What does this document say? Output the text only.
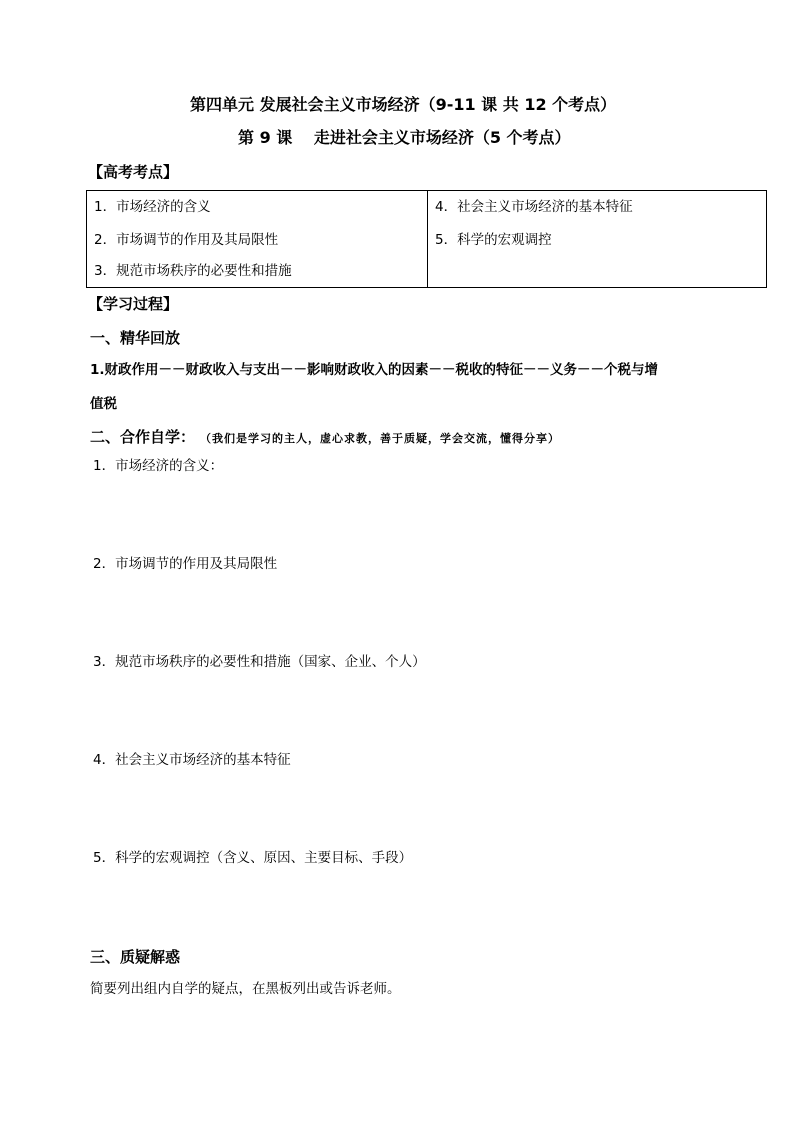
第四单元 发展社会主义市场经济（9-11 课 共 12 个考点）
第 9 课　 走进社会主义市场经济（5 个考点）
【高考考点】
1．市场经济的含义
2．市场调节的作用及其局限性
3．规范市场秩序的必要性和措施
4．社会主义市场经济的基本特征
5．科学的宏观调控
【学习过程】
一、精华回放
1.财政作用－－财政收入与支出－－影响财政收入的因素－－税收的特征－－义务－－个税与增
值税
二、合作自学： （我们是学习的主人，虚心求教，善于质疑，学会交流，懂得分享）
1．市场经济的含义：
2．市场调节的作用及其局限性
3．规范市场秩序的必要性和措施（国家、企业、个人）
4．社会主义市场经济的基本特征
5．科学的宏观调控（含义、原因、主要目标、手段）
三、质疑解惑
简要列出组内自学的疑点，在黑板列出或告诉老师。
